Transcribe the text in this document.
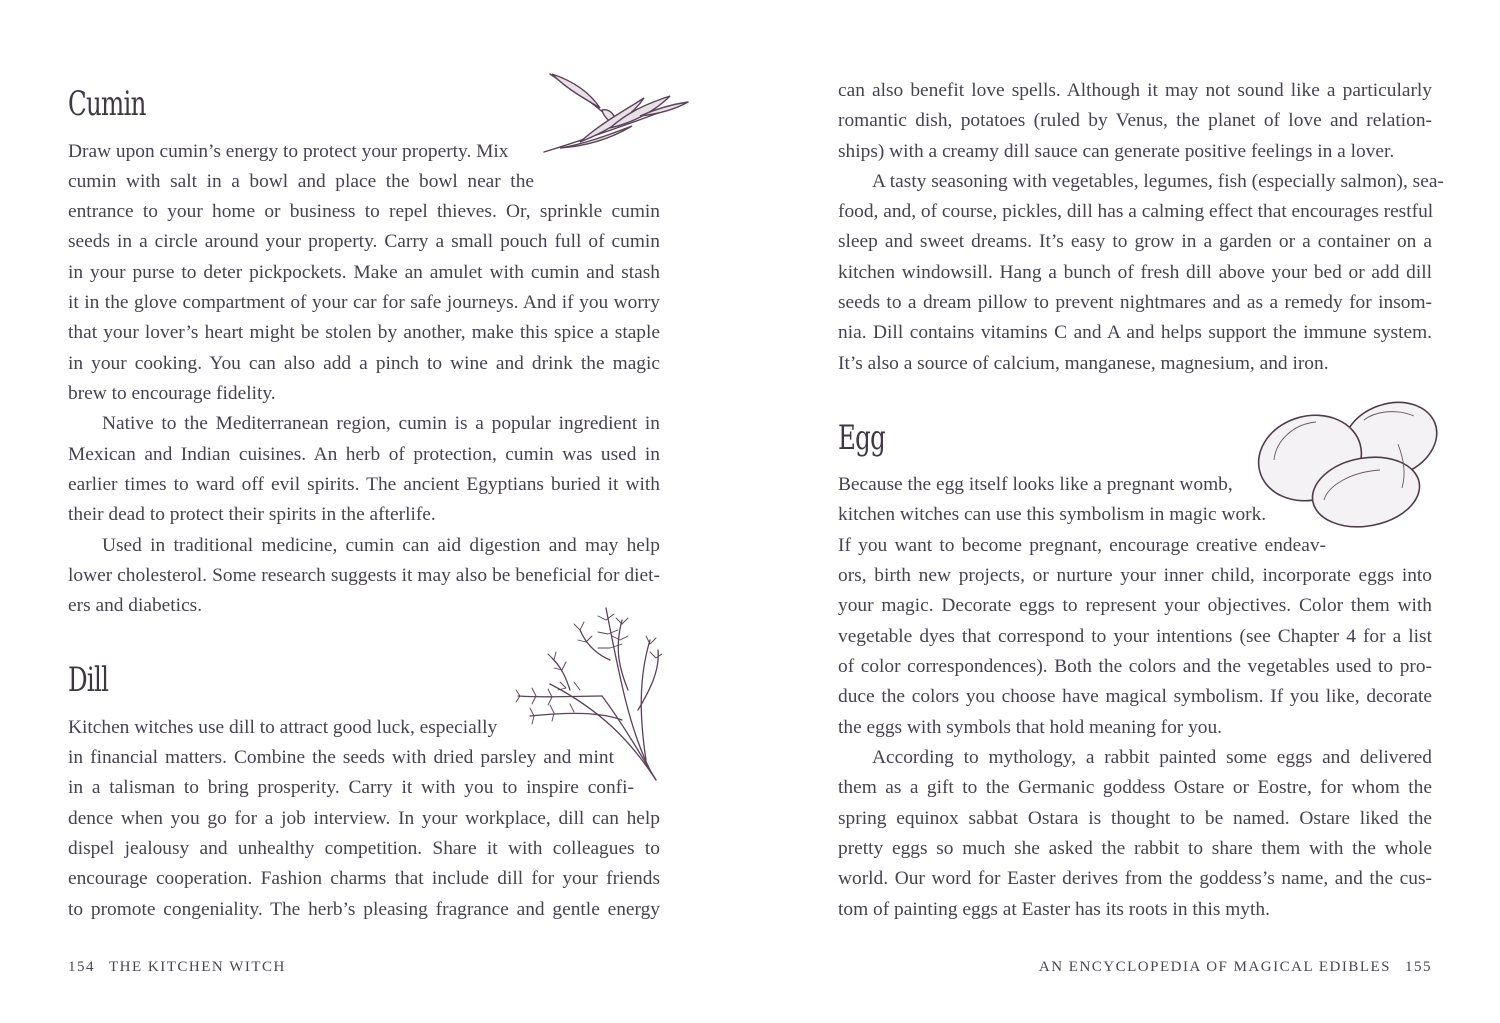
Cumin
Draw upon cumin’s energy to protect your property. Mix
cumin with salt in a bowl and place the bowl near the
entrance to your home or business to repel thieves. Or, sprinkle cumin
seeds in a circle around your property. Carry a small pouch full of cumin
in your purse to deter pickpockets. Make an amulet with cumin and stash
it in the glove compartment of your car for safe journeys. And if you worry
that your lover’s heart might be stolen by another, make this spice a staple
in your cooking. You can also add a pinch to wine and drink the magic
brew to encourage fidelity.
Native to the Mediterranean region, cumin is a popular ingredient in
Mexican and Indian cuisines. An herb of protection, cumin was used in
earlier times to ward off evil spirits. The ancient Egyptians buried it with
their dead to protect their spirits in the afterlife.
Used in traditional medicine, cumin can aid digestion and may help
lower cholesterol. Some research suggests it may also be beneficial for diet-
ers and diabetics.
Dill
Kitchen witches use dill to attract good luck, especially
in financial matters. Combine the seeds with dried parsley and mint
in a talisman to bring prosperity. Carry it with you to inspire confi-
dence when you go for a job interview. In your workplace, dill can help
dispel jealousy and unhealthy competition. Share it with colleagues to
encourage cooperation. Fashion charms that include dill for your friends
to promote congeniality. The herb’s pleasing fragrance and gentle energy
154 THE KITCHEN WITCH
can also benefit love spells. Although it may not sound like a particularly
romantic dish, potatoes (ruled by Venus, the planet of love and relation-
ships) with a creamy dill sauce can generate positive feelings in a lover.
A tasty seasoning with vegetables, legumes, fish (especially salmon), sea-
food, and, of course, pickles, dill has a calming effect that encourages restful
sleep and sweet dreams. It’s easy to grow in a garden or a container on a
kitchen windowsill. Hang a bunch of fresh dill above your bed or add dill
seeds to a dream pillow to prevent nightmares and as a remedy for insom-
nia. Dill contains vitamins C and A and helps support the immune system.
It’s also a source of calcium, manganese, magnesium, and iron.
Egg
Because the egg itself looks like a pregnant womb,
kitchen witches can use this symbolism in magic work.
If you want to become pregnant, encourage creative endeav-
ors, birth new projects, or nurture your inner child, incorporate eggs into
your magic. Decorate eggs to represent your objectives. Color them with
vegetable dyes that correspond to your intentions (see Chapter 4 for a list
of color correspondences). Both the colors and the vegetables used to pro-
duce the colors you choose have magical symbolism. If you like, decorate
the eggs with symbols that hold meaning for you.
According to mythology, a rabbit painted some eggs and delivered
them as a gift to the Germanic goddess Ostare or Eostre, for whom the
spring equinox sabbat Ostara is thought to be named. Ostare liked the
pretty eggs so much she asked the rabbit to share them with the whole
world. Our word for Easter derives from the goddess’s name, and the cus-
tom of painting eggs at Easter has its roots in this myth.
AN ENCYCLOPEDIA OF MAGICAL EDIBLES 155
